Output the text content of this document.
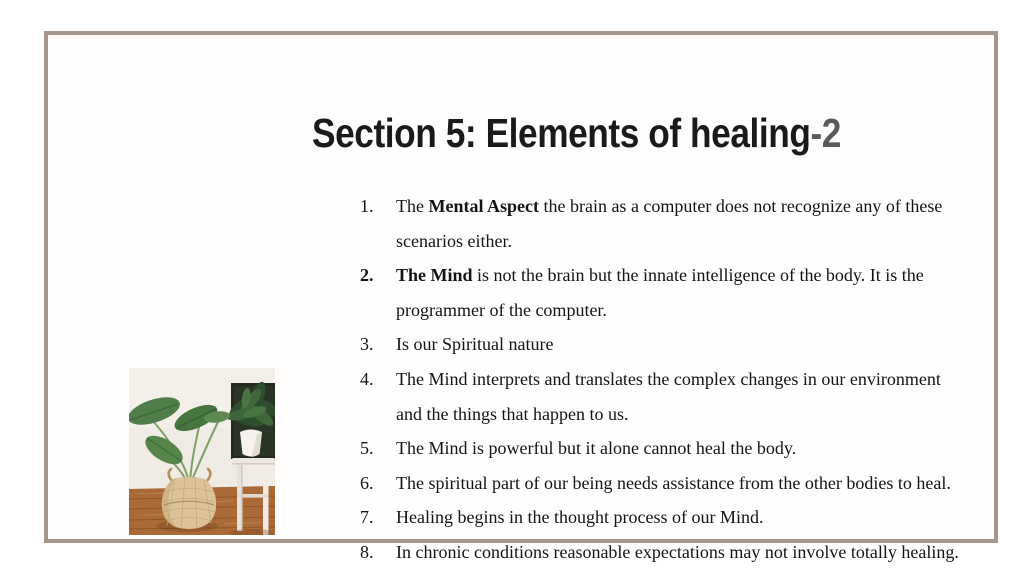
Section 5: Elements of healing-2
1.	The Mental Aspect the brain as a computer does not recognize any of these
scenarios either.
2.	The Mind is not the brain but the innate intelligence of the body. It is the
programmer of the computer.
3.	Is our Spiritual nature
4.	The Mind interprets and translates the complex changes in our environment
and the things that happen to us.
5.	The Mind is powerful but it alone cannot heal the body.
6.	The spiritual part of our being needs assistance from the other bodies to heal.
7.	Healing begins in the thought process of our Mind.
8.	In chronic conditions reasonable expectations may not involve totally healing.
